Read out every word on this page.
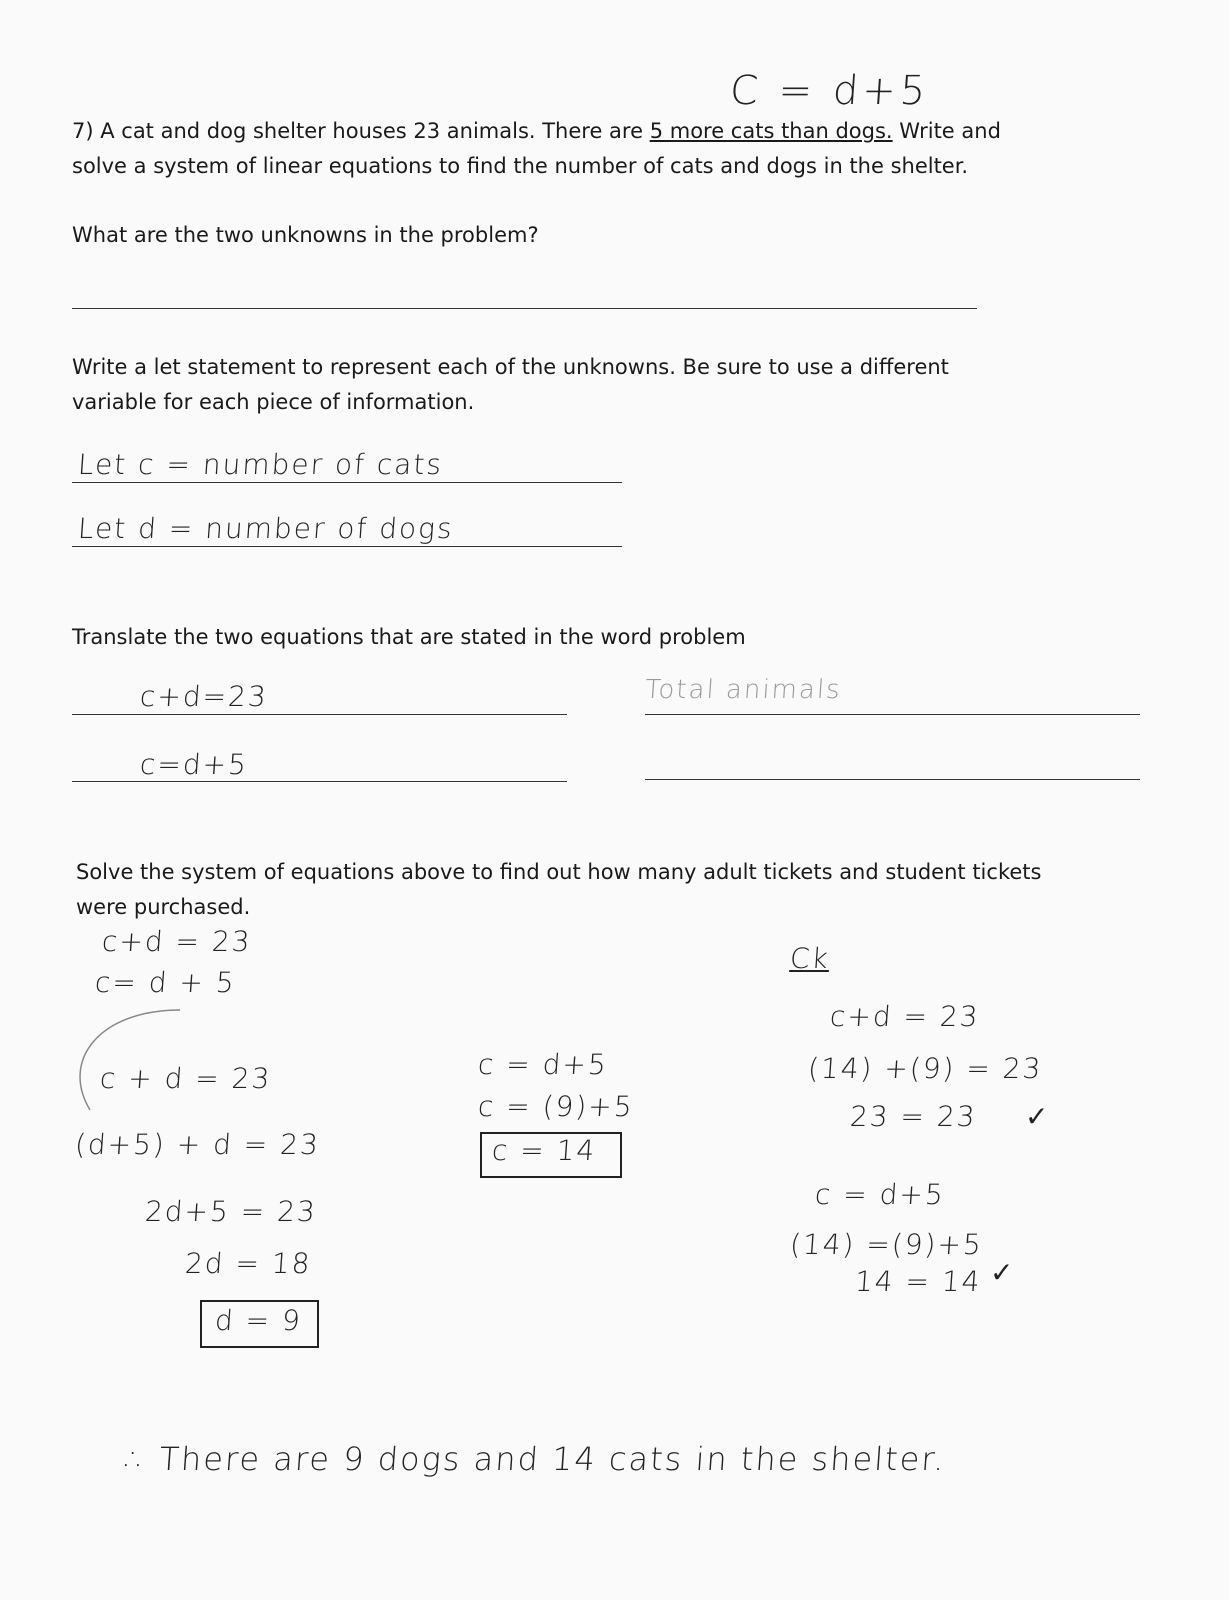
C = d+5
7) A cat and dog shelter houses 23 animals. There are 5 more cats than dogs. Write and
solve a system of linear equations to find the number of cats and dogs in the shelter.
What are the two unknowns in the problem?
Write a let statement to represent each of the unknowns. Be sure to use a different
variable for each piece of information.
Let c = number of cats
Let d = number of dogs
Translate the two equations that are stated in the word problem
c+d=23	Total animals
c=d+5
Solve the system of equations above to find out how many adult tickets and student tickets
were purchased.
c+d = 23
c= d + 5
c + d = 23
(d+5) + d = 23
2d+5 = 23
2d = 18
d = 9
c = d+5
c = (9)+5
c = 14
Ck
c+d = 23
(14) +(9) = 23
23 = 23 ✓
c = d+5
(14) =(9)+5
14 = 14 ✓
∴ There are 9 dogs and 14 cats in the shelter.
